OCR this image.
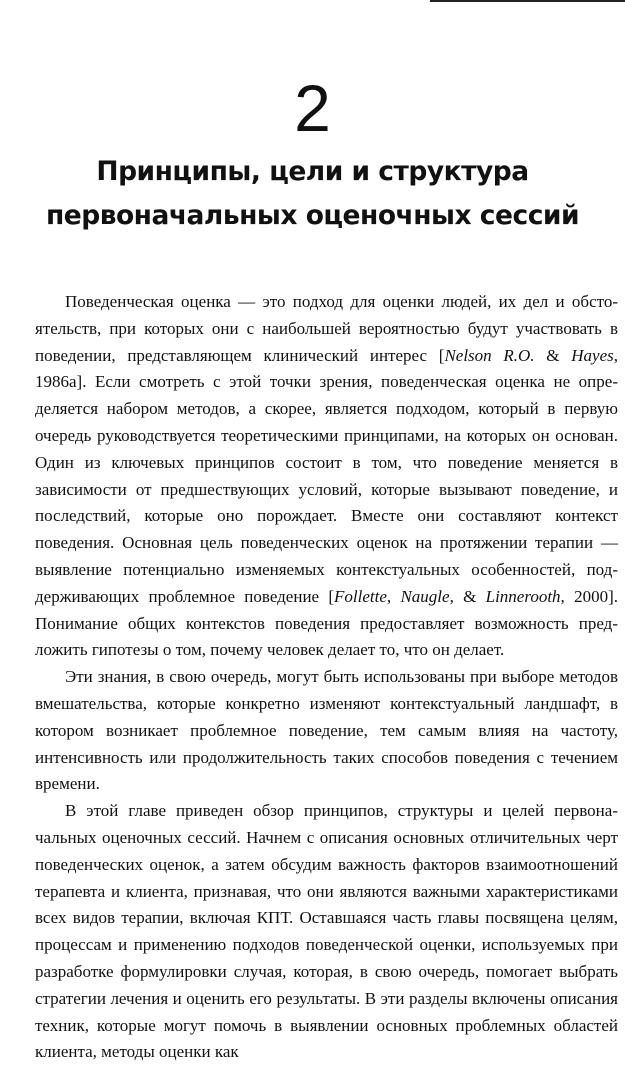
2
Принципы, цели и структура
первоначальных оценочных сессий

Поведенческая оценка — это подход для оценки людей, их дел и обстоятельств, при которых они с наибольшей вероятностью будут участвовать в поведении, представляющем клинический интерес [Nelson R.O. & Hayes, 1986a]. Если смотреть с этой точки зрения, поведенческая оценка не определяется набором методов, а скорее, является подходом, который в первую очередь руководствуется теоретическими принципами, на которых он основан. Один из ключевых принципов состоит в том, что поведение меняется в зависимости от предшествующих условий, которые вызывают поведение, и последствий, которые оно порождает. Вместе они составляют контекст поведения. Основная цель поведенческих оценок на протяжении терапии — выявление потенциально изменяемых контекстуальных особенностей, поддерживающих проблемное поведение [Follette, Naugle, & Linnerooth, 2000]. Понимание общих контекстов поведения предоставляет возможность предложить гипотезы о том, почему человек делает то, что он делает.

Эти знания, в свою очередь, могут быть использованы при выборе методов вмешательства, которые конкретно изменяют контекстуальный ландшафт, в котором возникает проблемное поведение, тем самым влияя на частоту, интенсивность или продолжительность таких способов поведения с течением времени.

В этой главе приведен обзор принципов, структуры и целей первоначальных оценочных сессий. Начнем с описания основных отличительных черт поведенческих оценок, а затем обсудим важность факторов взаимоотношений терапевта и клиента, признавая, что они являются важными характеристиками всех видов терапии, включая КПТ. Оставшаяся часть главы посвящена целям, процессам и применению подходов поведенческой оценки, используемых при разработке формулировки случая, которая, в свою очередь, помогает выбрать стратегии лечения и оценить его результаты. В эти разделы включены описания техник, которые могут помочь в выявлении основных проблемных областей клиента, методы оценки как
